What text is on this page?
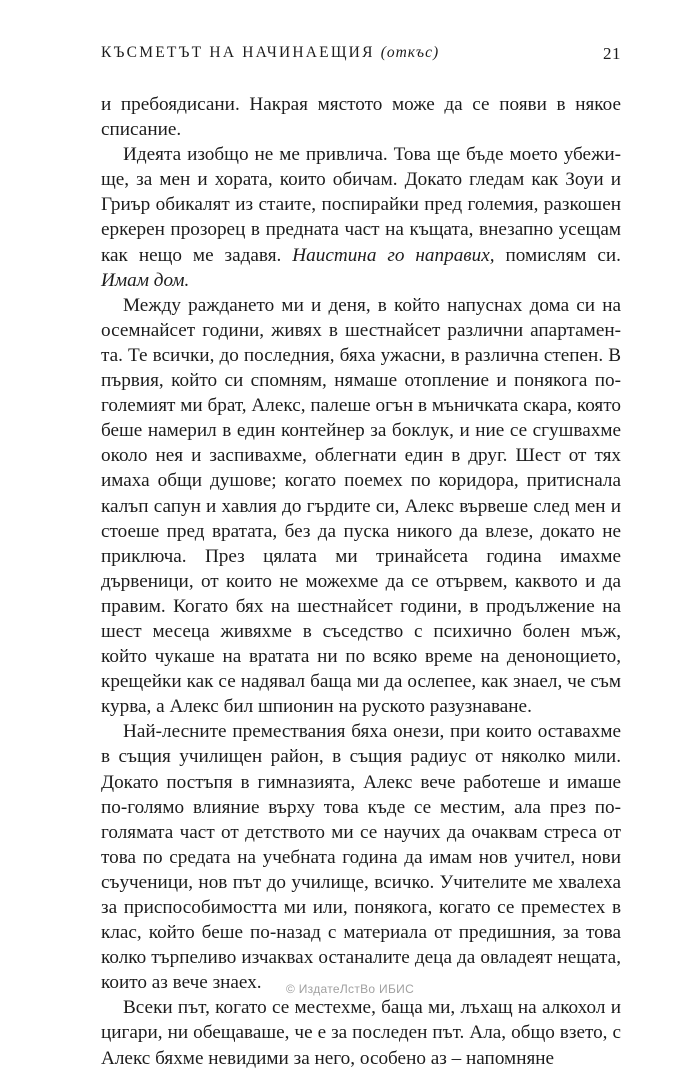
КЪСМЕТЪТ НА НАЧИНАЕЩИЯ (откъс)	21

и пребоядисани. Накрая мястото може да се появи в някое списание.

Идеята изобщо не ме привлича. Това ще бъде моето убежище, за мен и хората, които обичам. Докато гледам как Зоуи и Гриър обикалят из стаите, поспирайки пред големия, разкошен еркерен прозорец в предната част на къщата, внезапно усещам как нещо ме задавя. Наистина го направих, помислям си. Имам дом.

Между раждането ми и деня, в който напуснах дома си на осемнайсет години, живях в шестнайсет различни апартамента. Те всички, до последния, бяха ужасни, в различна степен. В първия, който си спомням, нямаше отопление и понякога по-големият ми брат, Алекс, палеше огън в мъничката скара, която беше намерил в един контейнер за боклук, и ние се сгушвахме около нея и заспивахме, облегнати един в друг. Шест от тях имаха общи душове; когато поемех по коридора, притиснала калъп сапун и хавлия до гърдите си, Алекс вървеше след мен и стоеше пред вратата, без да пуска никого да влезе, докато не приключа. През цялата ми тринайсета година имахме дървеници, от които не можехме да се отървем, каквото и да правим. Когато бях на шестнайсет години, в продължение на шест месеца живяхме в съседство с психично болен мъж, който чукаше на вратата ни по всяко време на денонощието, крещейки как се надявал баща ми да ослепее, как знаел, че съм курва, а Алекс бил шпионин на руското разузнаване.

Най-лесните премествания бяха онези, при които оставахме в същия училищен район, в същия радиус от няколко мили. Докато постъпя в гимназията, Алекс вече работеше и имаше по-голямо влияние върху това къде се местим, ала през по-голямата част от детството ми се научих да очаквам стреса от това по средата на учебната година да имам нов учител, нови съученици, нов път до училище, всичко. Учителите ме хвалеха за приспособимостта ми или, понякога, когато се преместех в клас, който беше по-назад с материала от предишния, за това колко търпеливо изчаквах останалите деца да овладеят нещата, които аз вече знаех.

Всеки път, когато се местехме, баща ми, лъхащ на алкохол и цигари, ни обещаваше, че е за последен път. Ала, общо взето, с Алекс бяхме невидими за него, особено аз – напомняне

© ИздатеЛстВо ИБИС
